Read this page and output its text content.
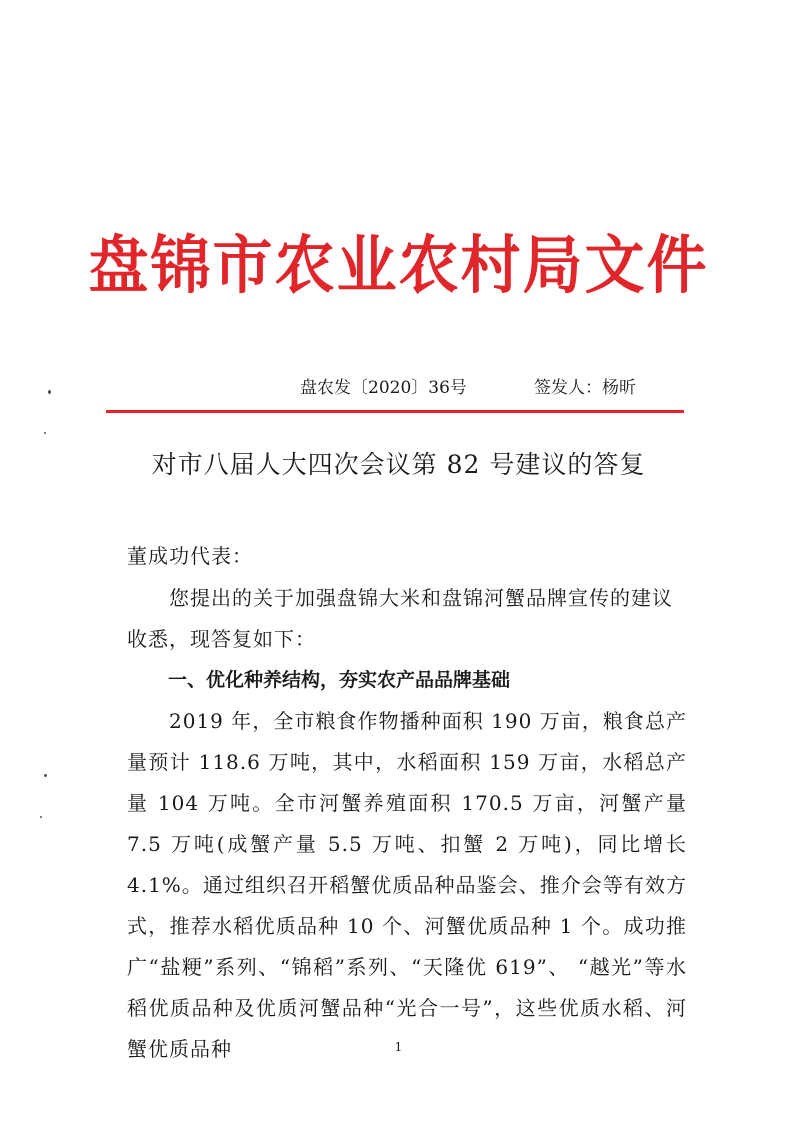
盘锦市农业农村局文件
盘农发〔2020〕36号	签发人：杨昕
对市八届人大四次会议第 82 号建议的答复
董成功代表：
您提出的关于加强盘锦大米和盘锦河蟹品牌宣传的建议收悉，现答复如下：
一、优化种养结构，夯实农产品品牌基础
2019 年，全市粮食作物播种面积 190 万亩，粮食总产量预计 118.6 万吨，其中，水稻面积 159 万亩，水稻总产量 104 万吨。全市河蟹养殖面积 170.5 万亩，河蟹产量 7.5 万吨(成蟹产量 5.5 万吨、扣蟹 2 万吨)，同比增长 4.1%。通过组织召开稻蟹优质品种品鉴会、推介会等有效方式，推荐水稻优质品种 10 个、河蟹优质品种 1 个。成功推广“盐粳”系列、“锦稻”系列、“天隆优 619”、 “越光”等水稻优质品种及优质河蟹品种“光合一号”，这些优质水稻、河蟹优质品种	1
